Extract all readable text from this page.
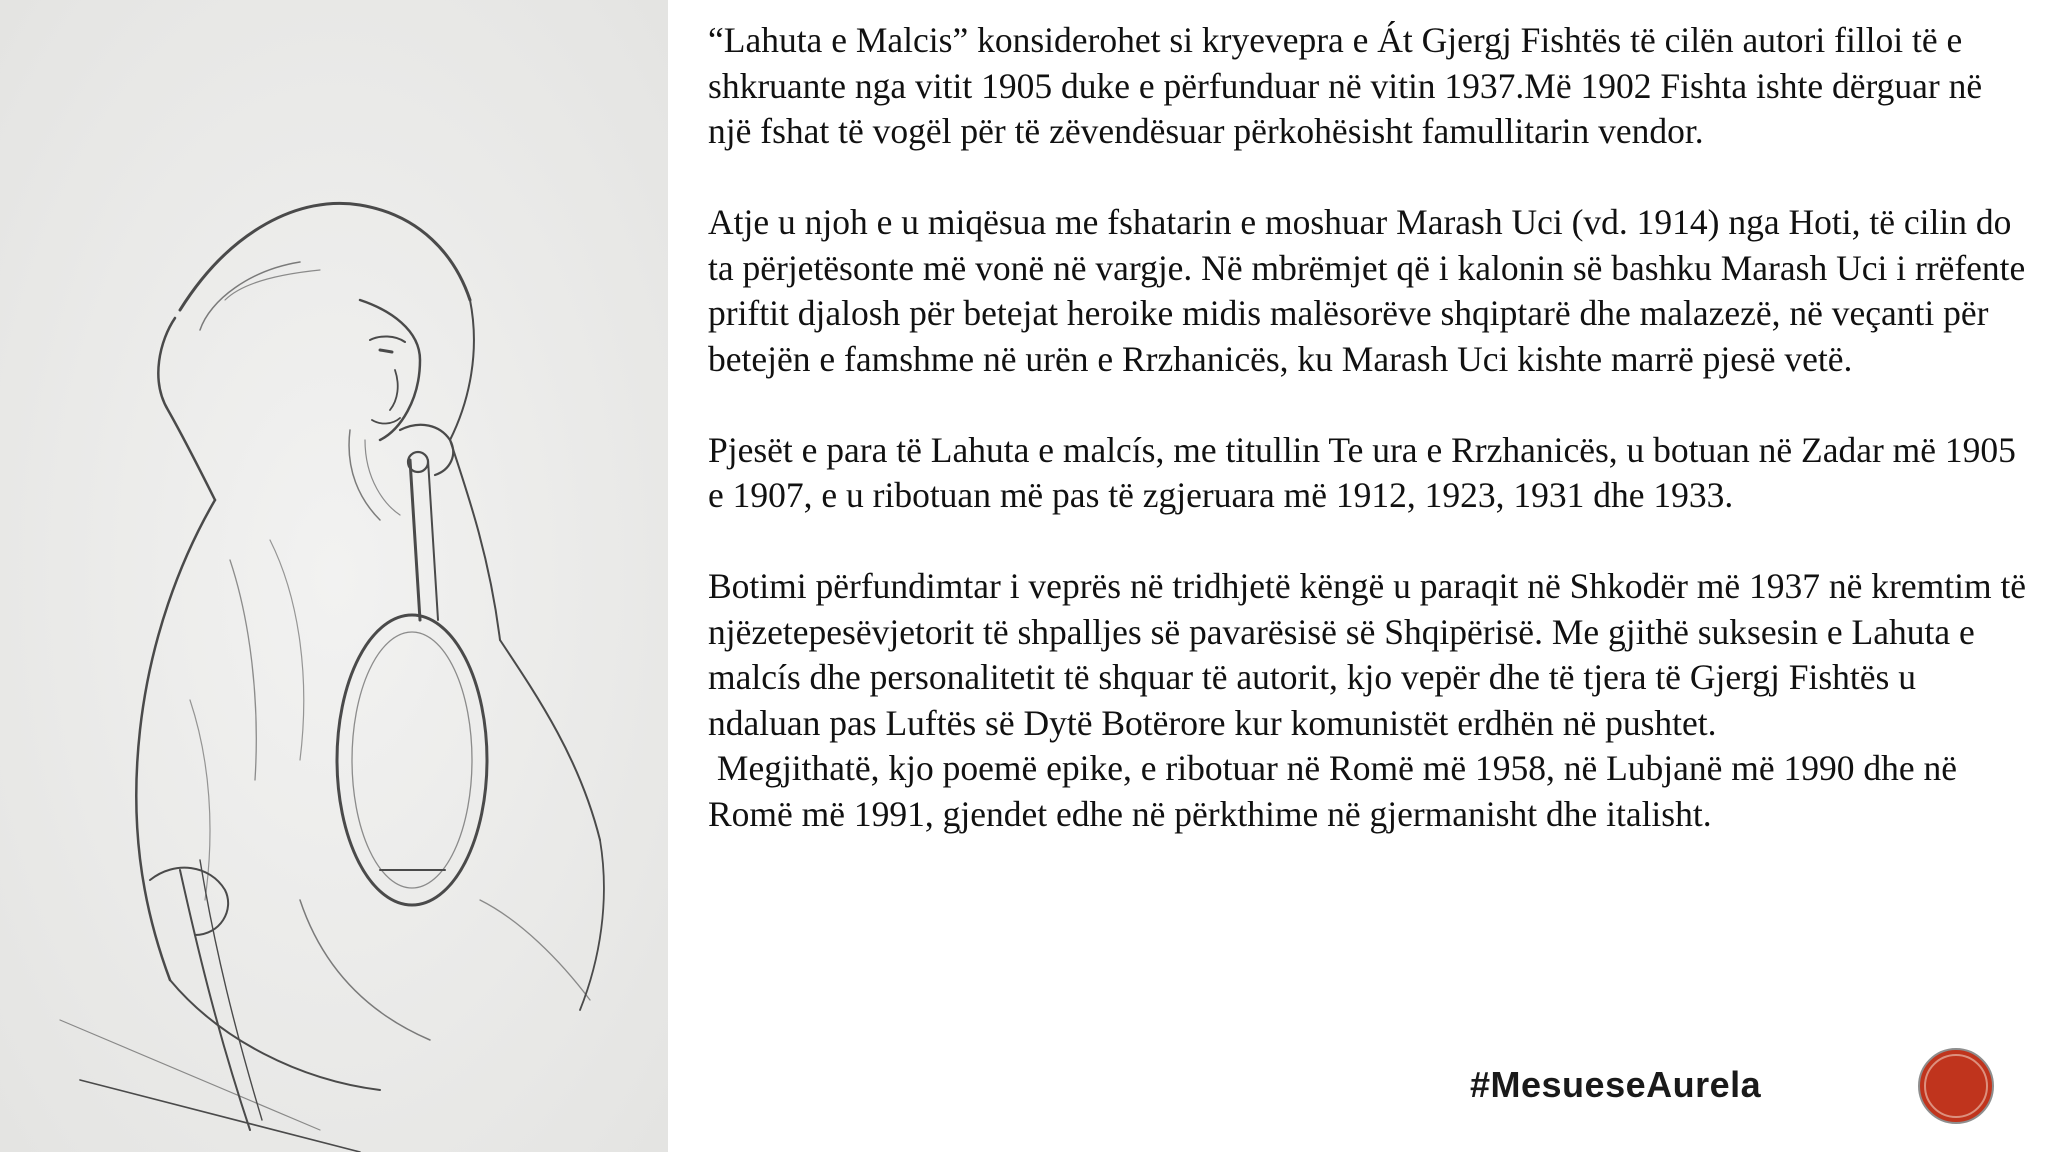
“Lahuta e Malcis” konsiderohet si kryevepra e Át Gjergj Fishtës të cilën autori filloi të e shkruante nga vitit 1905 duke e përfunduar në vitin 1937.Më 1902 Fishta ishte dërguar në një fshat të vogël për të zëvendësuar përkohësisht famullitarin vendor.

Atje u njoh e u miqësua me fshatarin e moshuar Marash Uci (vd. 1914) nga Hoti, të cilin do ta përjetësonte më vonë në vargje. Në mbrëmjet që i kalonin së bashku Marash Uci i rrëfente priftit djalosh për betejat heroike midis malësorëve shqiptarë dhe malazezë, në veçanti për betejën e famshme në urën e Rrzhanicës, ku Marash Uci kishte marrë pjesë vetë.

Pjesët e para të Lahuta e malcís, me titullin Te ura e Rrzhanicës, u botuan në Zadar më 1905 e 1907, e u ribotuan më pas të zgjeruara më 1912, 1923, 1931 dhe 1933.

Botimi përfundimtar i veprës në tridhjetë këngë u paraqit në Shkodër më 1937 në kremtim të njëzetepesëvjetorit të shpalljes së pavarësisë së Shqipërisë. Me gjithë suksesin e Lahuta e malcís dhe personalitetit të shquar të autorit, kjo vepër dhe të tjera të Gjergj Fishtës u ndaluan pas Luftës së Dytë Botërore kur komunistët erdhën në pushtet.

Megjithatë, kjo poemë epike, e ribotuar në Romë më 1958, në Lubjanë më 1990 dhe në Romë më 1991, gjendet edhe në përkthime në gjermanisht dhe italisht.

#MesueseAurela
